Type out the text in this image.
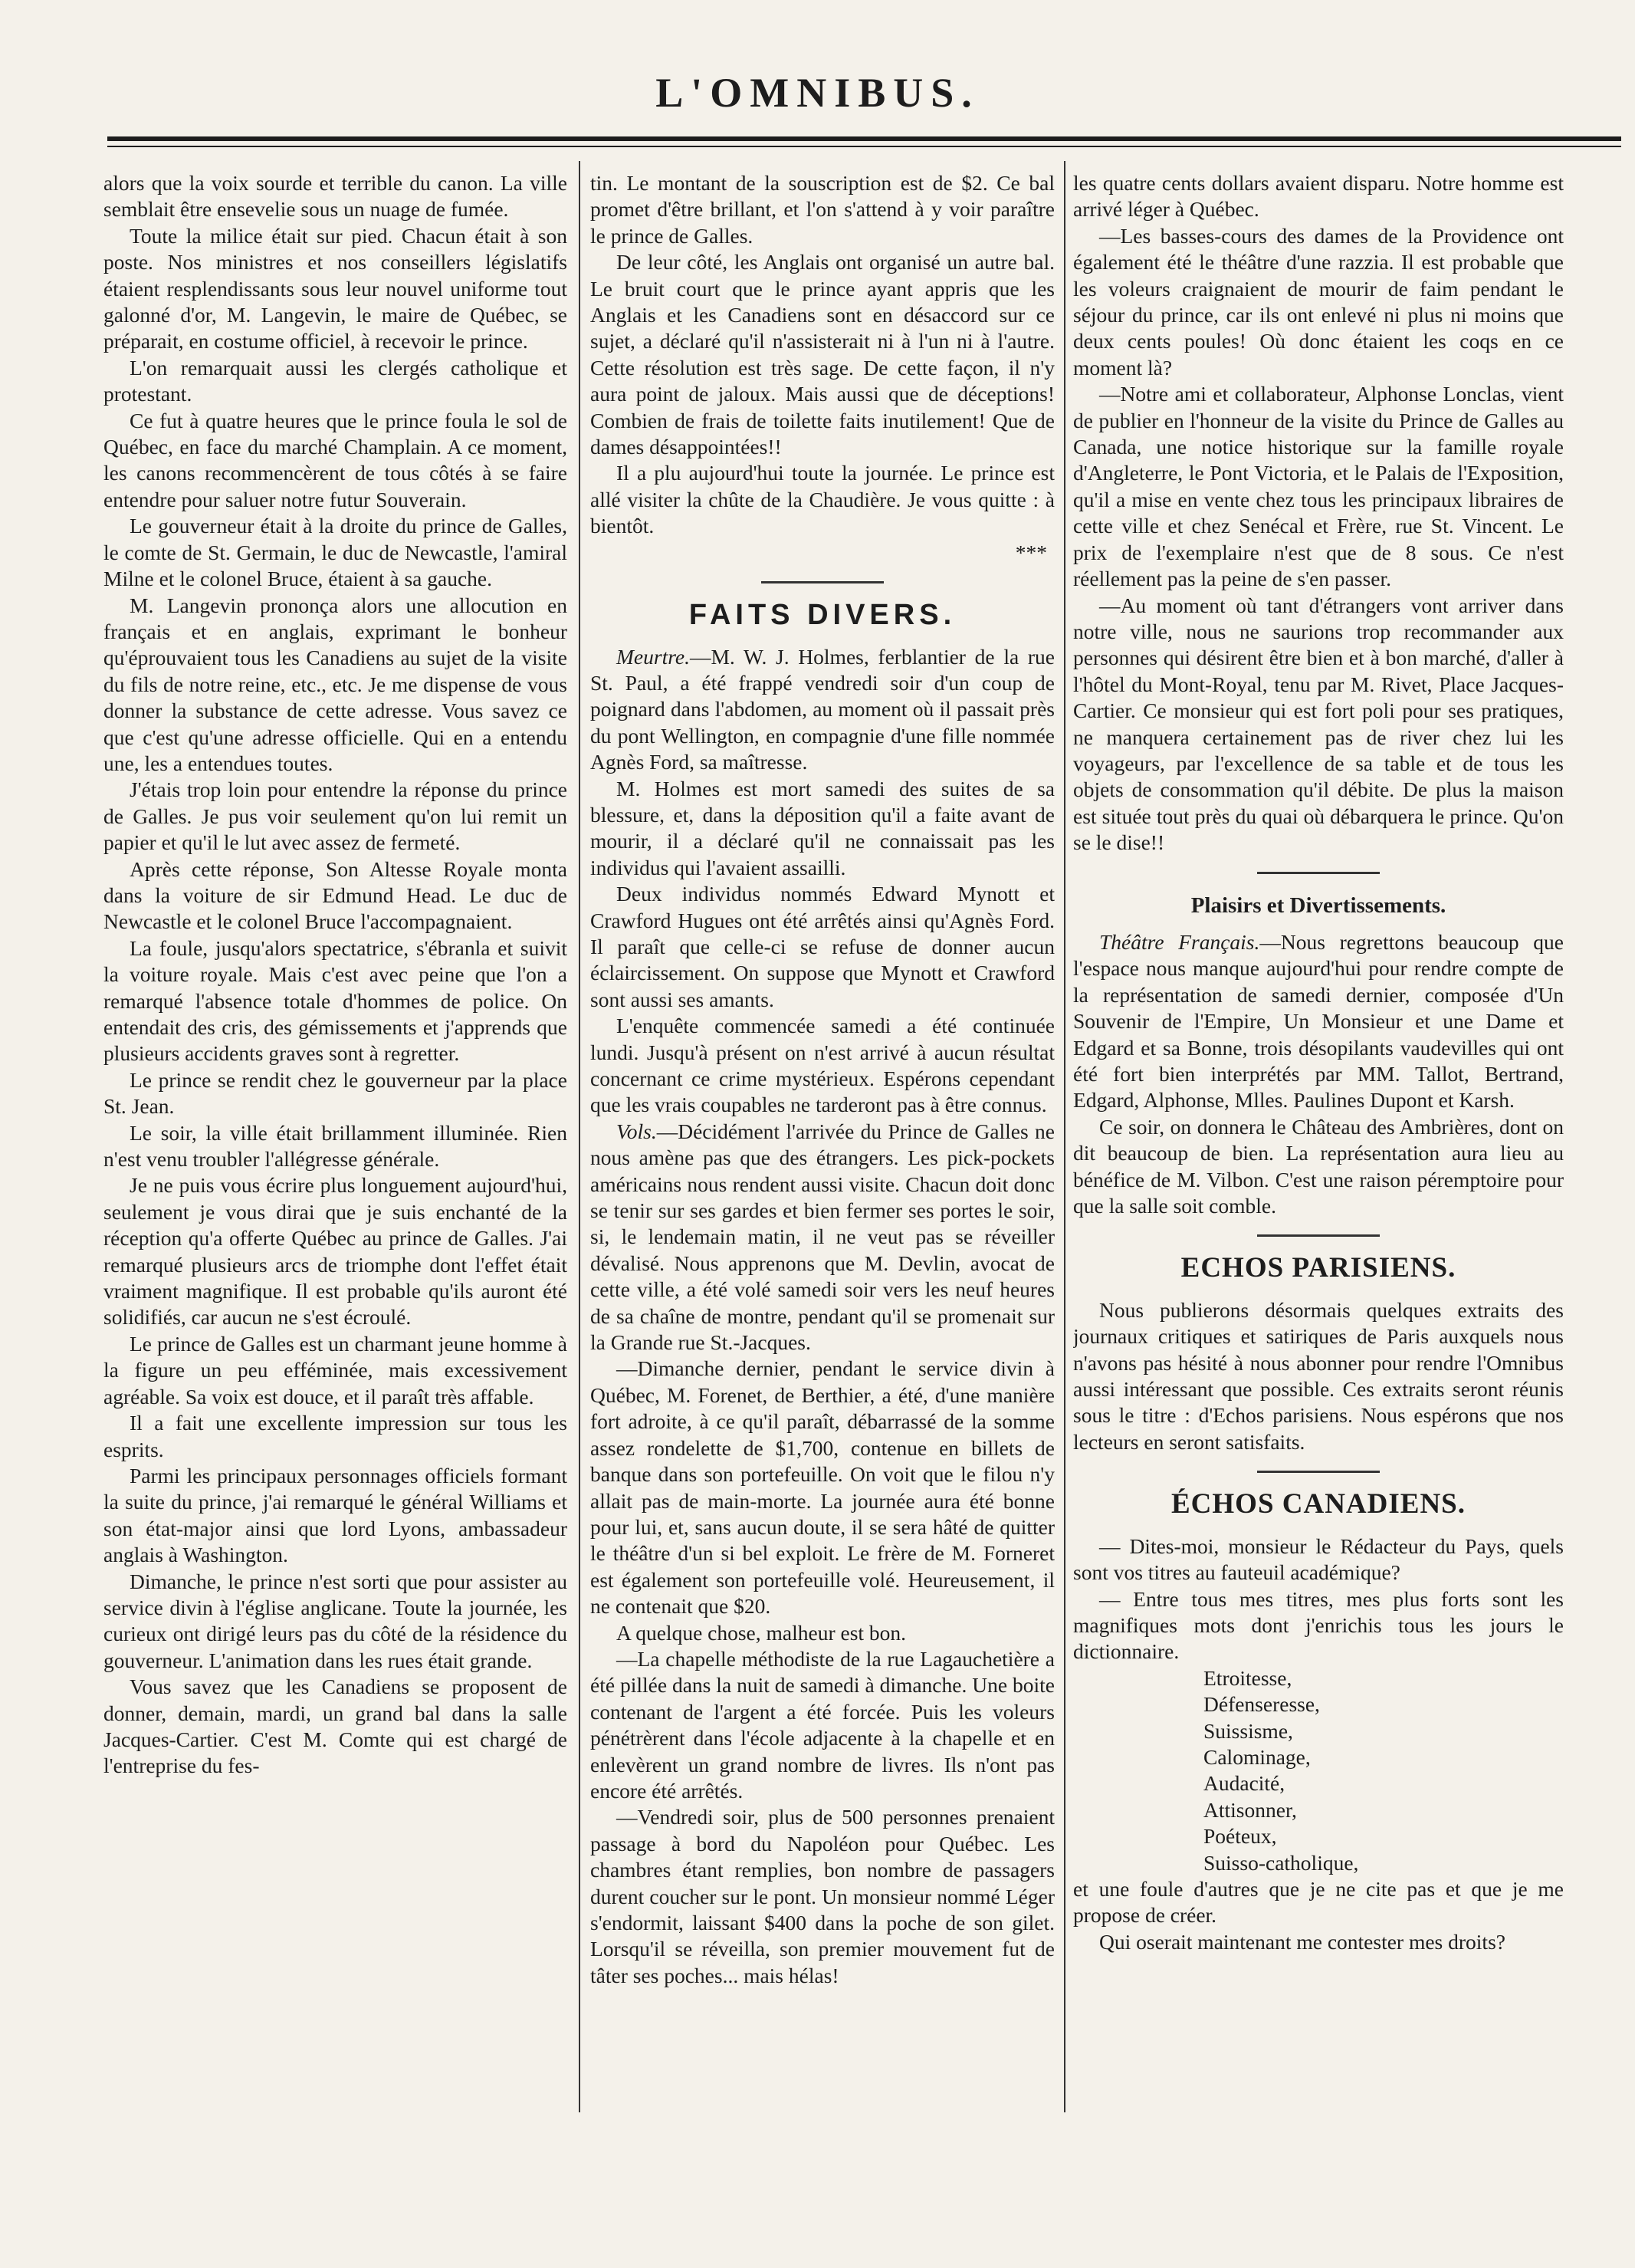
L'OMNIBUS.

alors que la voix sourde et terrible du canon. La ville semblait être ensevelie sous un nuage de fumée.

Toute la milice était sur pied. Chacun était à son poste. Nos ministres et nos conseillers législatifs étaient resplendissants sous leur nouvel uniforme tout galonné d'or, M. Langevin, le maire de Québec, se préparait, en costume officiel, à recevoir le prince.

L'on remarquait aussi les clergés catholique et protestant.

Ce fut à quatre heures que le prince foula le sol de Québec, en face du marché Champlain. A ce moment, les canons recommencèrent de tous côtés à se faire entendre pour saluer notre futur Souverain.

Le gouverneur était à la droite du prince de Galles, le comte de St. Germain, le duc de Newcastle, l'amiral Milne et le colonel Bruce, étaient à sa gauche.

M. Langevin prononça alors une allocution en français et en anglais, exprimant le bonheur qu'éprouvaient tous les Canadiens au sujet de la visite du fils de notre reine, etc., etc. Je me dispense de vous donner la substance de cette adresse. Vous savez ce que c'est qu'une adresse officielle. Qui en a entendu une, les a entendues toutes.

J'étais trop loin pour entendre la réponse du prince de Galles. Je pus voir seulement qu'on lui remit un papier et qu'il le lut avec assez de fermeté.

Après cette réponse, Son Altesse Royale monta dans la voiture de sir Edmund Head. Le duc de Newcastle et le colonel Bruce l'accompagnaient.

La foule, jusqu'alors spectatrice, s'ébranla et suivit la voiture royale. Mais c'est avec peine que l'on a remarqué l'absence totale d'hommes de police. On entendait des cris, des gémissements et j'apprends que plusieurs accidents graves sont à regretter.

Le prince se rendit chez le gouverneur par la place St. Jean.

Le soir, la ville était brillamment illuminée. Rien n'est venu troubler l'allégresse générale.

Je ne puis vous écrire plus longuement aujourd'hui, seulement je vous dirai que je suis enchanté de la réception qu'a offerte Québec au prince de Galles. J'ai remarqué plusieurs arcs de triomphe dont l'effet était vraiment magnifique. Il est probable qu'ils auront été solidifiés, car aucun ne s'est écroulé.

Le prince de Galles est un charmant jeune homme à la figure un peu efféminée, mais excessivement agréable. Sa voix est douce, et il paraît très affable.

Il a fait une excellente impression sur tous les esprits.

Parmi les principaux personnages officiels formant la suite du prince, j'ai remarqué le général Williams et son état-major ainsi que lord Lyons, ambassadeur anglais à Washington.

Dimanche, le prince n'est sorti que pour assister au service divin à l'église anglicane. Toute la journée, les curieux ont dirigé leurs pas du côté de la résidence du gouverneur. L'animation dans les rues était grande.

Vous savez que les Canadiens se proposent de donner, demain, mardi, un grand bal dans la salle Jacques-Cartier. C'est M. Comte qui est chargé de l'entreprise du fes-

tin. Le montant de la souscription est de $2. Ce bal promet d'être brillant, et l'on s'attend à y voir paraître le prince de Galles.

De leur côté, les Anglais ont organisé un autre bal. Le bruit court que le prince ayant appris que les Anglais et les Canadiens sont en désaccord sur ce sujet, a déclaré qu'il n'assisterait ni à l'un ni à l'autre. Cette résolution est très sage. De cette façon, il n'y aura point de jaloux. Mais aussi que de déceptions! Combien de frais de toilette faits inutilement! Que de dames désappointées!!

Il a plu aujourd'hui toute la journée. Le prince est allé visiter la chûte de la Chaudière. Je vous quitte : à bientôt.

***

FAITS DIVERS.

Meurtre.—M. W. J. Holmes, ferblantier de la rue St. Paul, a été frappé vendredi soir d'un coup de poignard dans l'abdomen, au moment où il passait près du pont Wellington, en compagnie d'une fille nommée Agnès Ford, sa maîtresse.

M. Holmes est mort samedi des suites de sa blessure, et, dans la déposition qu'il a faite avant de mourir, il a déclaré qu'il ne connaissait pas les individus qui l'avaient assailli.

Deux individus nommés Edward Mynott et Crawford Hugues ont été arrêtés ainsi qu'Agnès Ford. Il paraît que celle-ci se refuse de donner aucun éclaircissement. On suppose que Mynott et Crawford sont aussi ses amants.

L'enquête commencée samedi a été continuée lundi. Jusqu'à présent on n'est arrivé à aucun résultat concernant ce crime mystérieux. Espérons cependant que les vrais coupables ne tarderont pas à être connus.

Vols.—Décidément l'arrivée du Prince de Galles ne nous amène pas que des étrangers. Les pick-pockets américains nous rendent aussi visite. Chacun doit donc se tenir sur ses gardes et bien fermer ses portes le soir, si, le lendemain matin, il ne veut pas se réveiller dévalisé. Nous apprenons que M. Devlin, avocat de cette ville, a été volé samedi soir vers les neuf heures de sa chaîne de montre, pendant qu'il se promenait sur la Grande rue St.-Jacques.

—Dimanche dernier, pendant le service divin à Québec, M. Forenet, de Berthier, a été, d'une manière fort adroite, à ce qu'il paraît, débarrassé de la somme assez rondelette de $1,700, contenue en billets de banque dans son portefeuille. On voit que le filou n'y allait pas de main-morte. La journée aura été bonne pour lui, et, sans aucun doute, il se sera hâté de quitter le théâtre d'un si bel exploit. Le frère de M. Forneret est également son portefeuille volé. Heureusement, il ne contenait que $20.

A quelque chose, malheur est bon.

—La chapelle méthodiste de la rue Lagauchetière a été pillée dans la nuit de samedi à dimanche. Une boite contenant de l'argent a été forcée. Puis les voleurs pénétrèrent dans l'école adjacente à la chapelle et en enlevèrent un grand nombre de livres. Ils n'ont pas encore été arrêtés.

—Vendredi soir, plus de 500 personnes prenaient passage à bord du Napoléon pour Québec. Les chambres étant remplies, bon nombre de passagers durent coucher sur le pont. Un monsieur nommé Léger s'endormit, laissant $400 dans la poche de son gilet. Lorsqu'il se réveilla, son premier mouvement fut de tâter ses poches... mais hélas!

les quatre cents dollars avaient disparu. Notre homme est arrivé léger à Québec.

—Les basses-cours des dames de la Providence ont également été le théâtre d'une razzia. Il est probable que les voleurs craignaient de mourir de faim pendant le séjour du prince, car ils ont enlevé ni plus ni moins que deux cents poules! Où donc étaient les coqs en ce moment là?

—Notre ami et collaborateur, Alphonse Lonclas, vient de publier en l'honneur de la visite du Prince de Galles au Canada, une notice historique sur la famille royale d'Angleterre, le Pont Victoria, et le Palais de l'Exposition, qu'il a mise en vente chez tous les principaux libraires de cette ville et chez Senécal et Frère, rue St. Vincent. Le prix de l'exemplaire n'est que de 8 sous. Ce n'est réellement pas la peine de s'en passer.

—Au moment où tant d'étrangers vont arriver dans notre ville, nous ne saurions trop recommander aux personnes qui désirent être bien et à bon marché, d'aller à l'hôtel du Mont-Royal, tenu par M. Rivet, Place Jacques-Cartier. Ce monsieur qui est fort poli pour ses pratiques, ne manquera certainement pas de river chez lui les voyageurs, par l'excellence de sa table et de tous les objets de consommation qu'il débite. De plus la maison est située tout près du quai où débarquera le prince. Qu'on se le dise!!

Plaisirs et Divertissements.

Théâtre Français.—Nous regrettons beaucoup que l'espace nous manque aujourd'hui pour rendre compte de la représentation de samedi dernier, composée d'Un Souvenir de l'Empire, Un Monsieur et une Dame et Edgard et sa Bonne, trois désopilants vaudevilles qui ont été fort bien interprétés par MM. Tallot, Bertrand, Edgard, Alphonse, Mlles. Paulines Dupont et Karsh.

Ce soir, on donnera le Château des Ambrières, dont on dit beaucoup de bien. La représentation aura lieu au bénéfice de M. Vilbon. C'est une raison péremptoire pour que la salle soit comble.

ECHOS PARISIENS.

Nous publierons désormais quelques extraits des journaux critiques et satiriques de Paris auxquels nous n'avons pas hésité à nous abonner pour rendre l'Omnibus aussi intéressant que possible. Ces extraits seront réunis sous le titre : d'Echos parisiens. Nous espérons que nos lecteurs en seront satisfaits.

ÉCHOS CANADIENS.

— Dites-moi, monsieur le Rédacteur du Pays, quels sont vos titres au fauteuil académique?

— Entre tous mes titres, mes plus forts sont les magnifiques mots dont j'enrichis tous les jours le dictionnaire.

Etroitesse,
Défenseresse,
Suissisme,
Calominage,
Audacité,
Attisonner,
Poéteux,
Suisso-catholique,

et une foule d'autres que je ne cite pas et que je me propose de créer.

Qui oserait maintenant me contester mes droits?
